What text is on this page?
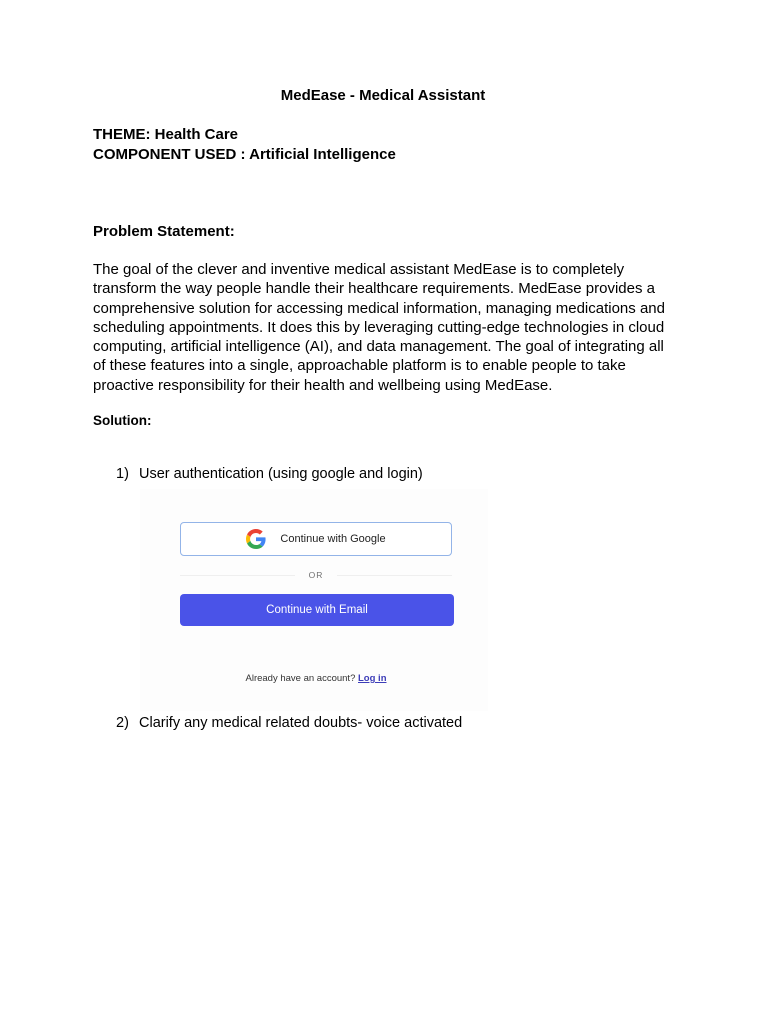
MedEase - Medical Assistant
THEME: Health Care
COMPONENT USED : Artificial Intelligence
Problem Statement:
The goal of the clever and inventive medical assistant MedEase is to completely transform the way people handle their healthcare requirements. MedEase provides a comprehensive solution for accessing medical information, managing medications and scheduling appointments. It does this by leveraging cutting-edge technologies in cloud computing, artificial intelligence (AI), and data management. The goal of integrating all of these features into a single, approachable platform is to enable people to take proactive responsibility for their health and wellbeing using MedEase.
Solution:
1) User authentication (using google and login)
2) Clarify any medical related doubts- voice activated
Continue with Google
OR
Continue with Email
Already have an account? Log in
